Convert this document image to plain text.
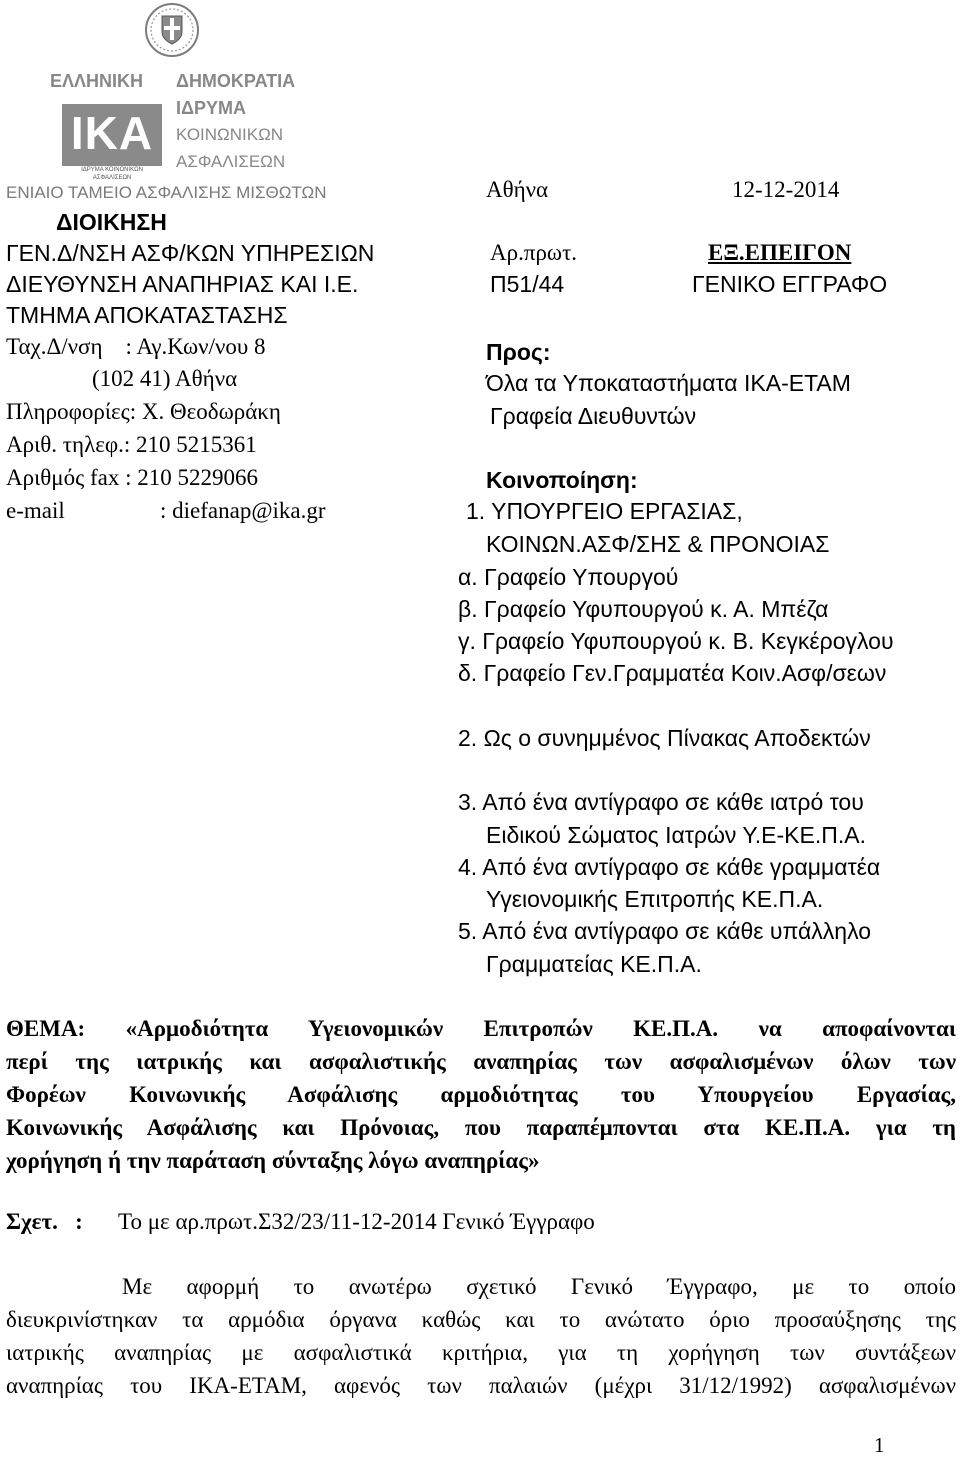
ΕΛΛΗΝΙΚΗ ΔΗΜΟΚΡΑΤΙΑ
ΙΚΑ
ΙΔΡΥΜΑ ΚΟΙΝΩΝΙΚΩΝ ΑΣΦΑΛΙΣΕΩΝ
ΙΔΡΥΜΑ
ΚΟΙΝΩΝΙΚΩΝ
ΑΣΦΑΛΙΣΕΩΝ
ΕΝΙΑΙΟ ΤΑΜΕΙΟ ΑΣΦΑΛΙΣΗΣ ΜΙΣΘΩΤΩΝ
ΔΙΟΙΚΗΣΗ
ΓΕΝ.Δ/ΝΣΗ ΑΣΦ/ΚΩΝ ΥΠΗΡΕΣΙΩΝ
ΔΙΕΥΘΥΝΣΗ ΑΝΑΠΗΡΙΑΣ ΚΑΙ Ι.Ε.
ΤΜΗΜΑ ΑΠΟΚΑΤΑΣΤΑΣΗΣ
Ταχ.Δ/νση    : Αγ.Κων/νου 8
(102 41) Αθήνα
Πληροφορίες: Χ. Θεοδωράκη
Αριθ. τηλεφ.: 210 5215361
Αριθμός fax : 210 5229066
e-mail	: diefanap@ika.gr
Αθήνα	12-12-2014
Αρ.πρωτ.	ΕΞ.ΕΠΕΙΓΟΝ
Π51/44	ΓΕΝΙΚΟ ΕΓΓΡΑΦΟ
Προς:
Όλα τα Υποκαταστήματα ΙΚΑ-ΕΤΑΜ
Γραφεία Διευθυντών
Κοινοποίηση:
1. ΥΠΟΥΡΓΕΙΟ ΕΡΓΑΣΙΑΣ,
ΚΟΙΝΩΝ.ΑΣΦ/ΣΗΣ & ΠΡΟΝΟΙΑΣ
α. Γραφείο Υπουργού
β. Γραφείο Υφυπουργού κ. Α. Μπέζα
γ. Γραφείο Υφυπουργού κ. Β. Κεγκέρογλου
δ. Γραφείο Γεν.Γραμματέα Κοιν.Ασφ/σεων
2. Ως ο συνημμένος Πίνακας Αποδεκτών
3. Από ένα αντίγραφο σε κάθε ιατρό του
Ειδικού Σώματος Ιατρών Υ.Ε-ΚΕ.Π.Α.
4. Από ένα αντίγραφο σε κάθε γραμματέα
Υγειονομικής Επιτροπής ΚΕ.Π.Α.
5. Από ένα αντίγραφο σε κάθε υπάλληλο
Γραμματείας ΚΕ.Π.Α.
ΘΕΜΑ: «Αρμοδιότητα Υγειονομικών Επιτροπών ΚΕ.Π.Α. να αποφαίνονται
περί της ιατρικής και ασφαλιστικής αναπηρίας των ασφαλισμένων όλων των
Φορέων Κοινωνικής Ασφάλισης αρμοδιότητας του Υπουργείου Εργασίας,
Κοινωνικής Ασφάλισης και Πρόνοιας, που παραπέμπονται στα ΚΕ.Π.Α. για τη
χορήγηση ή την παράταση σύνταξης λόγω αναπηρίας»
Σχετ.   : Το με αρ.πρωτ.Σ32/23/11-12-2014 Γενικό Έγγραφο
Με αφορμή το ανωτέρω σχετικό Γενικό Έγγραφο, με το οποίο
διευκρινίστηκαν τα αρμόδια όργανα καθώς και το ανώτατο όριο προσαύξησης της
ιατρικής αναπηρίας με ασφαλιστικά κριτήρια, για τη χορήγηση των συντάξεων
αναπηρίας του ΙΚΑ-ΕΤΑΜ, αφενός των παλαιών (μέχρι 31/12/1992) ασφαλισμένων
1
